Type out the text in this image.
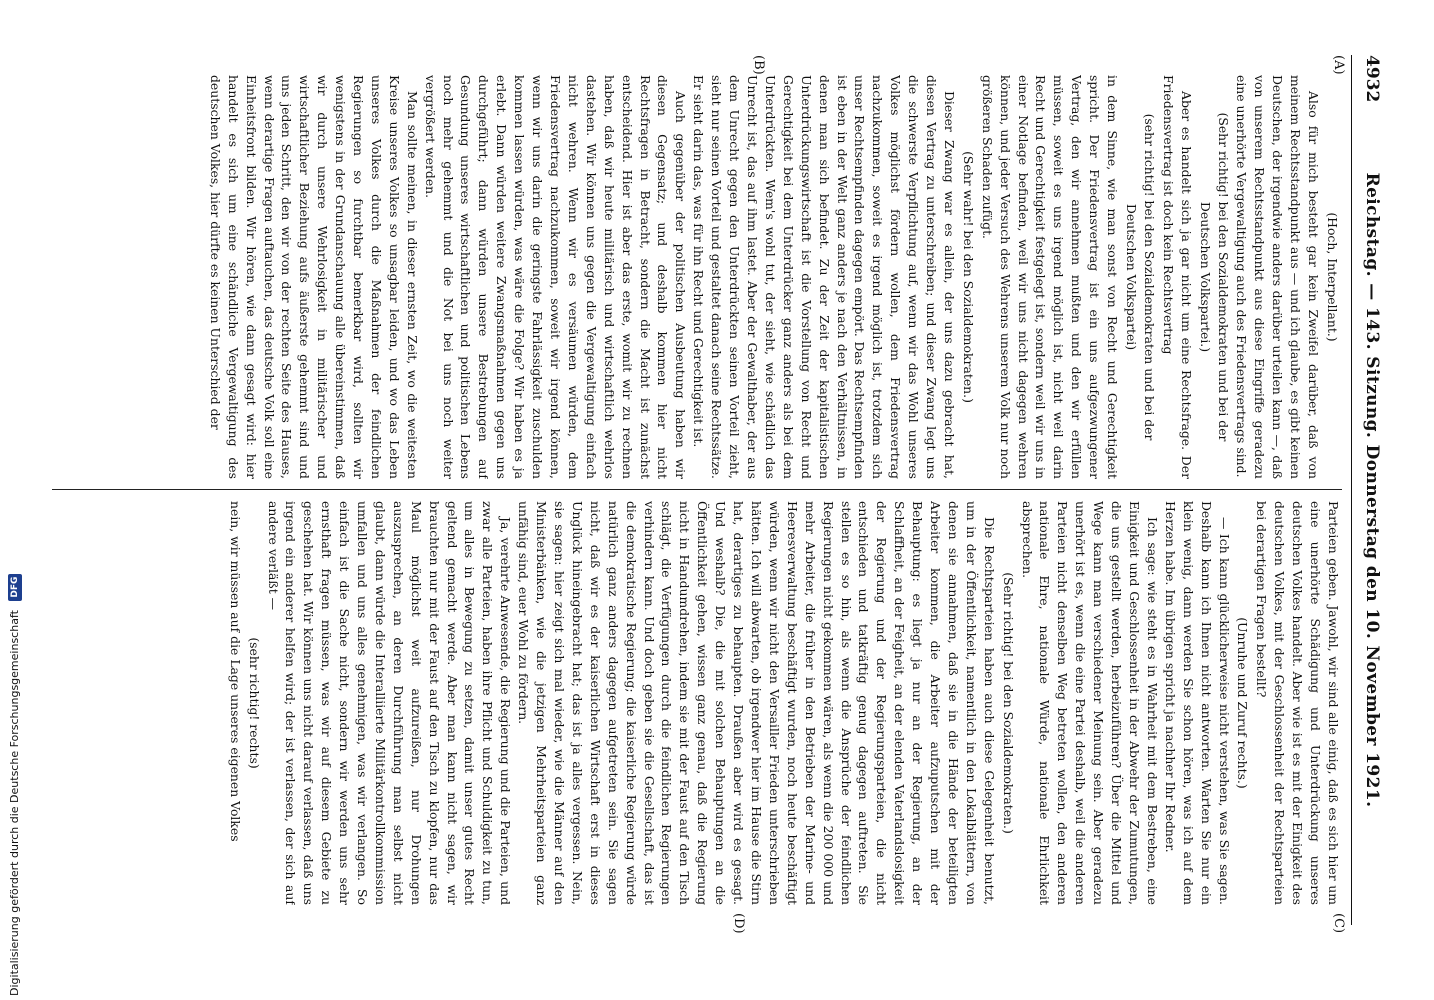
4932
Reichstag. — 143. Sitzung. Donnerstag den 10. November 1921.
(A)
(B)
(C)
(D)

(Hoch, Interpellant.)

Also für mich besteht gar kein Zweifel darüber, daß von meinem Rechtsstandpunkt aus — und ich glaube, es gibt keinen Deutschen, der irgendwie anders darüber urteilen kann —, daß von unserem Rechtsstandpunkt aus diese Eingriffe geradezu eine unerhörte Vergewaltigung auch des Friedensvertrags sind.

(Sehr richtig! bei den Sozialdemokraten und bei der Deutschen Volkspartei.)

Aber es handelt sich ja gar nicht um eine Rechtsfrage. Der Friedensvertrag ist doch kein Rechtsvertrag

(sehr richtig! bei den Sozialdemokraten und bei der Deutschen Volkspartei)

in dem Sinne, wie man sonst von Recht und Gerechtigkeit spricht. Der Friedensvertrag ist ein uns aufgezwungener Vertrag, den wir annehmen mußten und den wir erfüllen müssen, soweit es uns irgend möglich ist, nicht weil darin Recht und Gerechtigkeit festgelegt ist, sondern weil wir uns in einer Notlage befinden, weil wir uns nicht dagegen wehren können, und jeder Versuch des Wehrens unserem Volk nur noch größeren Schaden zufügt.

(Sehr wahr! bei den Sozialdemokraten.)

Dieser Zwang war es allein, der uns dazu gebracht hat, diesen Vertrag zu unterschreiben; und dieser Zwang legt uns die schwerste Verpflichtung auf, wenn wir das Wohl unseres Volkes möglichst fördern wollen, dem Friedensvertrag nachzukommen, soweit es irgend möglich ist, trotzdem sich unser Rechtsempfinden dagegen empört. Das Rechtsempfinden ist eben in der Welt ganz anders je nach den Verhältnissen, in denen man sich befindet. Zu der Zeit der kapitalistischen Unterdrückungswirtschaft ist die Vorstellung von Recht und Gerechtigkeit bei dem Unterdrücker ganz anders als bei dem Unterdrückten. Wem's wohl tut, der sieht, wie schädlich das Unrecht ist, das auf ihm lastet. Aber der Gewalthaber, der aus dem Unrecht gegen den Unterdrückten seinen Vorteil zieht, sieht nur seinen Vorteil und gestaltet danach seine Rechtssätze. Er sieht darin das, was für ihn Recht und Gerechtigkeit ist.

Auch gegenüber der politischen Ausbeutung haben wir diesen Gegensatz; und deshalb kommen hier nicht Rechtsfragen in Betracht, sondern die Macht ist zunächst entscheidend. Hier ist aber das erste, womit wir zu rechnen haben, daß wir heute militärisch und wirtschaftlich wehrlos dastehen. Wir können uns gegen die Vergewaltigung einfach nicht wehren. Wenn wir es versäumen würden, dem Friedensvertrag nachzukommen, soweit wir irgend können, wenn wir uns darin die geringste Fahrlässigkeit zuschulden kommen lassen würden, was wäre die Folge? Wir haben es ja erlebt. Dann würden weitere Zwangsmaßnahmen gegen uns durchgeführt; dann würden unsere Bestrebungen auf Gesundung unseres wirtschaftlichen und politischen Lebens noch mehr gehemmt und die Not bei uns noch weiter vergrößert werden.

Man sollte meinen, in dieser ernsten Zeit, wo die weitesten Kreise unseres Volkes so unsagbar leiden, und wo das Leben unseres Volkes durch die Maßnahmen der feindlichen Regierungen so furchtbar bemerkbar wird, sollten wir wenigstens in der Grundanschauung alle übereinstimmen, daß wir durch unsere Wehrlosigkeit in militärischer und wirtschaftlicher Beziehung aufs äußerste gehemmt sind und uns jeden Schritt, den wir von der rechten Seite des Hauses, wenn derartige Fragen auftauchen, das deutsche Volk soll eine Einheitsfront bilden. Wir hören, wie dann gesagt wird: hier handelt es sich um eine schändliche Vergewaltigung des deutschen Volkes, hier dürfte es keinen Unterschied der

Parteien geben. Jawohl, wir sind alle einig, daß es sich hier um eine unerhörte Schädigung und Unterdrückung unseres deutschen Volkes handelt. Aber wie ist es mit der Einigkeit des deutschen Volkes, mit der Geschlossenheit der Rechtsparteien bei derartigen Fragen bestellt?

(Unruhe und Zuruf rechts.)

— Ich kann glücklicherweise nicht verstehen, was Sie sagen. Deshalb kann ich Ihnen nicht antworten. Warten Sie nur ein klein wenig, dann werden Sie schon hören, was ich auf dem Herzen habe. Im übrigen spricht ja nachher Ihr Redner.

Ich sage: wie steht es in Wahrheit mit dem Bestreben, eine Einigkeit und Geschlossenheit in der Abwehr der Zumutungen, die uns gestellt werden, herbeizuführen? Über die Mittel und Wege kann man verschiedener Meinung sein. Aber geradezu unerhört ist es, wenn die eine Partei deshalb, weil die anderen Parteien nicht denselben Weg betreten wollen, den anderen nationale Ehre, nationale Würde, nationale Ehrlichkeit absprechen.

(Sehr richtig! bei den Sozialdemokraten.)

Die Rechtsparteien haben auch diese Gelegenheit benutzt, um in der Öffentlichkeit, namentlich in den Lokalblättern, von denen sie annahmen, daß sie in die Hände der beteiligten Arbeiter kommen, die Arbeiter aufzuputschen mit der Behauptung: es liegt ja nur an der Regierung, an der Schlaffheit, an der Feigheit, an der elenden Vaterlandslosigkeit der Regierung und der Regierungsparteien, die nicht entschieden und tatkräftig genug dagegen auftreten. Sie stellen es so hin, als wenn die Ansprüche der feindlichen Regierungen nicht gekommen wären, als wenn die 200 000 und mehr Arbeiter, die früher in den Betrieben der Marine- und Heeresverwaltung beschäftigt wurden, noch heute beschäftigt würden, wenn wir nicht den Versailler Frieden unterschrieben hätten. Ich will abwarten, ob irgendwer hier im Hause die Stirn hat, derartiges zu behaupten. Draußen aber wird es gesagt. Und weshalb? Die, die mit solchen Behauptungen an die Öffentlichkeit gehen, wissen ganz genau, daß die Regierung nicht in Handumdrehen, indem sie mit der Faust auf den Tisch schlägt, die Verfügungen durch die feindlichen Regierungen verhindern kann. Und doch geben sie die Gesellschaft, das ist die demokratische Regierung; die kaiserliche Regierung würde natürlich ganz anders dagegen aufgetreten sein. Sie sagen nicht, daß wir es der kaiserlichen Wirtschaft erst in dieses Unglück hineingebracht hat; das ist ja alles vergessen. Nein, sie sagen: hier zeigt sich mal wieder, wie die Männer auf den Ministerbänken, wie die jetzigen Mehrheitsparteien ganz unfähig sind, euer Wohl zu fördern.

Ja, verehrte Anwesende, die Regierung und die Parteien, und zwar alle Parteien, haben ihre Pflicht und Schuldigkeit zu tun, um alles in Bewegung zu setzen, damit unser gutes Recht geltend gemacht werde. Aber man kann nicht sagen, wir brauchten nur mit der Faust auf den Tisch zu klopfen, nur das Maul möglichst weit aufzureißen, nur Drohungen auszusprechen, an deren Durchführung man selbst nicht glaubt, dann würde die Interalliierte Militärkontrollkommission umfallen und uns alles genehmigen, was wir verlangen. So einfach ist die Sache nicht, sondern wir werden uns sehr ernsthaft fragen müssen, was wir auf diesem Gebiete zu geschehen hat. Wir können uns nicht darauf verlassen, daß uns irgend ein anderer helfen wird; der ist verlassen, der sich auf andere verläßt —

(sehr richtig! rechts)

nein, wir müssen auf die Lage unseres eigenen Volkes

Digitalisierung gefördert durch die Deutsche Forschungsgemeinschaft DFG
